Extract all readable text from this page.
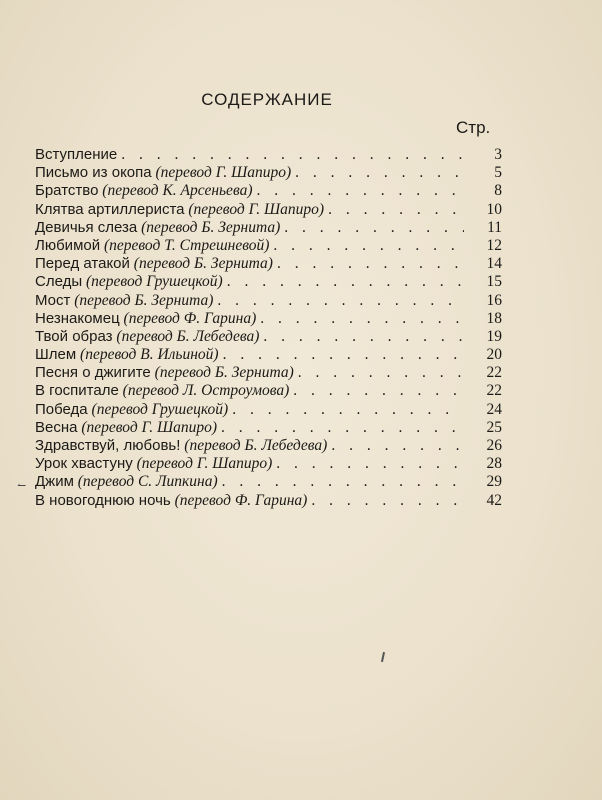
СОДЕРЖАНИЕ
Стр.
Вступление . . .	3
Письмо из окопа (перевод Г. Шапиро) . . .	5
Братство (перевод К. Арсеньева) . . .	8
Клятва артиллериста (перевод Г. Шапиро) . . .	10
Девичья слеза (перевод Б. Зернита) . . .	11
Любимой (перевод Т. Стрешневой) . . .	12
Перед атакой (перевод Б. Зернита) . . .	14
Следы (перевод Грушецкой) . . .	15
Мост (перевод Б. Зернита) . . .	16
Незнакомец (перевод Ф. Гарина) . . .	18
Твой образ (перевод Б. Лебедева) . . .	19
Шлем (перевод В. Ильиной) . . .	20
Песня о джигите (перевод Б. Зернита) . . .	22
В госпитале (перевод Л. Остроумова) . . .	22
Победа (перевод Грушецкой) . . .	24
Весна (перевод Г. Шапиро) . . .	25
Здравствуй, любовь! (перевод Б. Лебедева) . . .	26
Урок хвастуну (перевод Г. Шапиро) . . .	28
Джим (перевод С. Липкина) . . .	29
В новогоднюю ночь (перевод Ф. Гарина) . . .	42
↼
